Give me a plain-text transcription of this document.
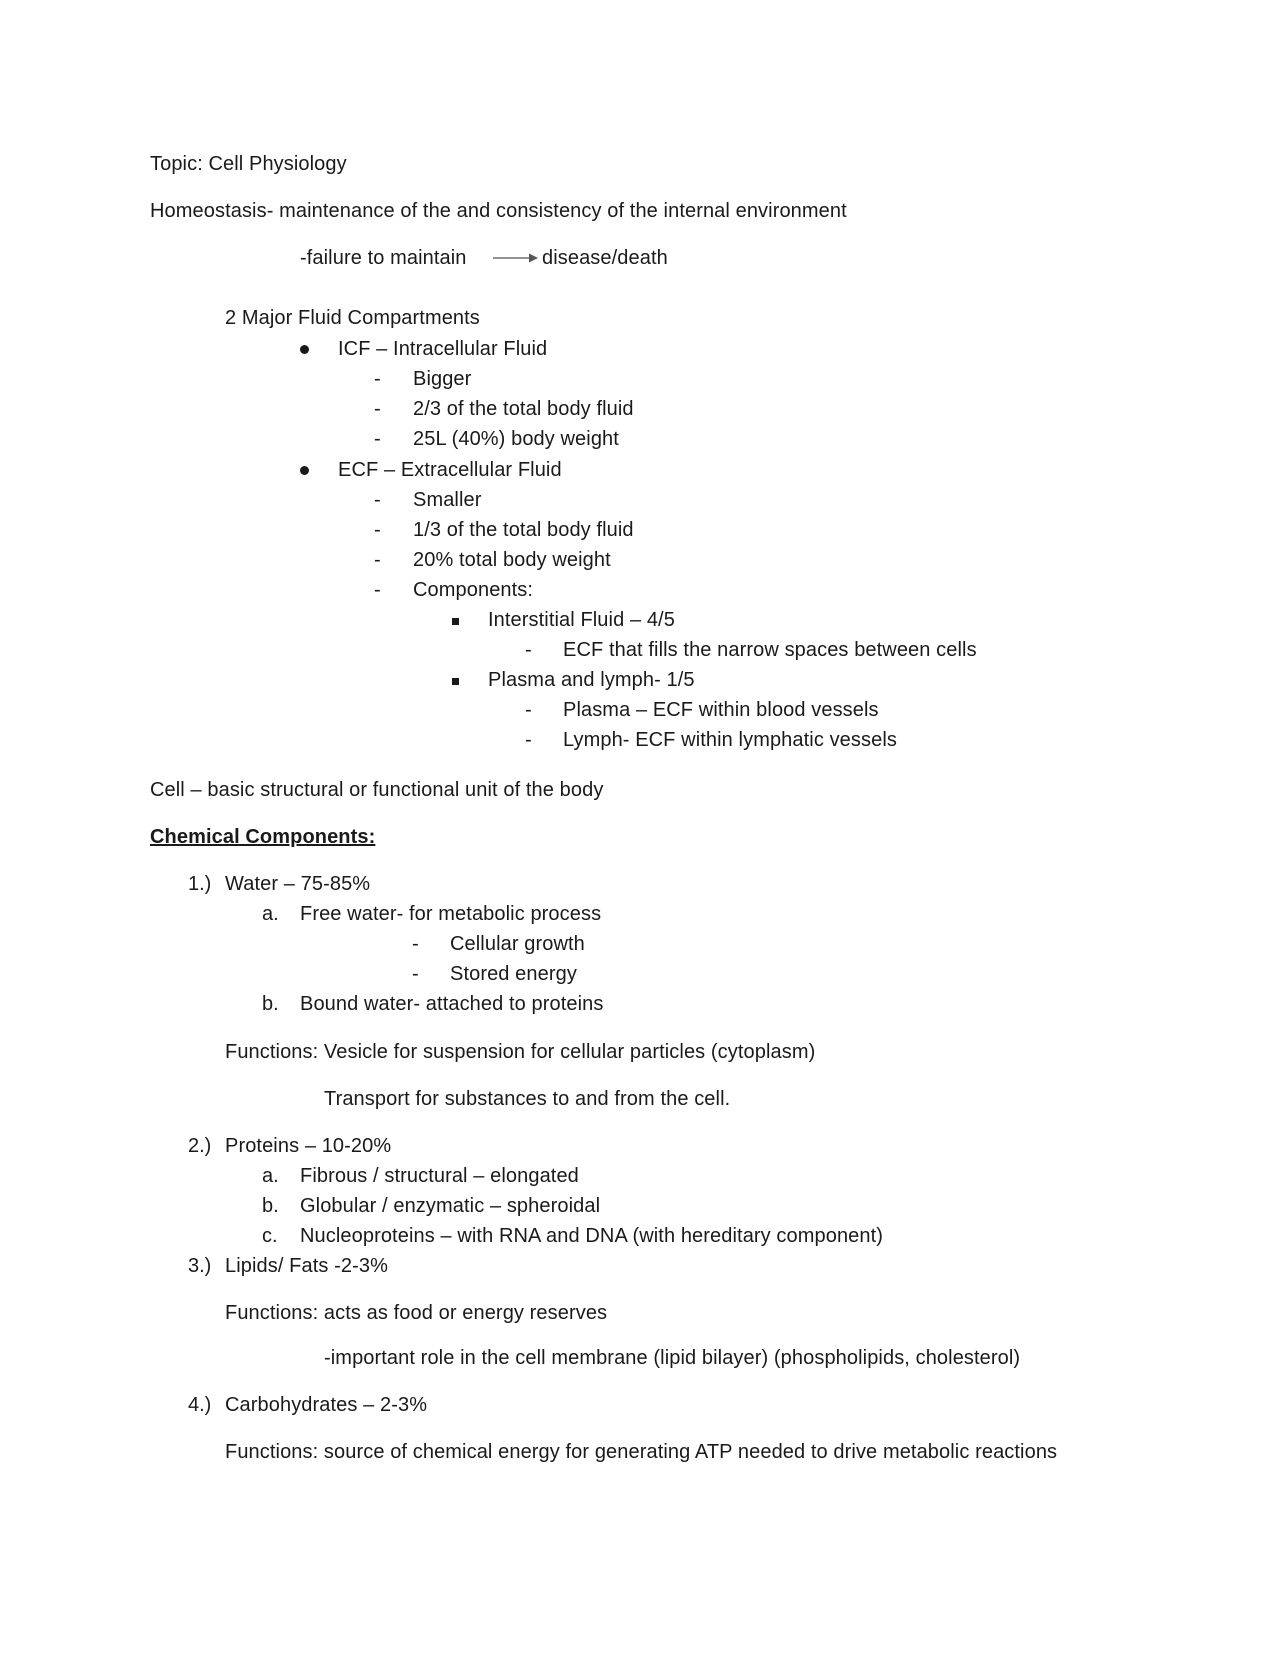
Topic: Cell Physiology
Homeostasis- maintenance of the and consistency of the internal environment
-failure to maintain	disease/death
2 Major Fluid Compartments
ICF – Intracellular Fluid
- Bigger
- 2/3 of the total body fluid
- 25L (40%) body weight
ECF – Extracellular Fluid
- Smaller
- 1/3 of the total body fluid
- 20% total body weight
- Components:
Interstitial Fluid – 4/5
- ECF that fills the narrow spaces between cells
Plasma and lymph- 1/5
- Plasma – ECF within blood vessels
- Lymph- ECF within lymphatic vessels
Cell – basic structural or functional unit of the body
Chemical Components:
1.) Water – 75-85%
a. Free water- for metabolic process
- Cellular growth
- Stored energy
b. Bound water- attached to proteins
Functions: Vesicle for suspension for cellular particles (cytoplasm)
Transport for substances to and from the cell.
2.) Proteins – 10-20%
a. Fibrous / structural – elongated
b. Globular / enzymatic – spheroidal
c. Nucleoproteins – with RNA and DNA (with hereditary component)
3.) Lipids/ Fats -2-3%
Functions: acts as food or energy reserves
-important role in the cell membrane (lipid bilayer) (phospholipids, cholesterol)
4.) Carbohydrates – 2-3%
Functions: source of chemical energy for generating ATP needed to drive metabolic reactions
